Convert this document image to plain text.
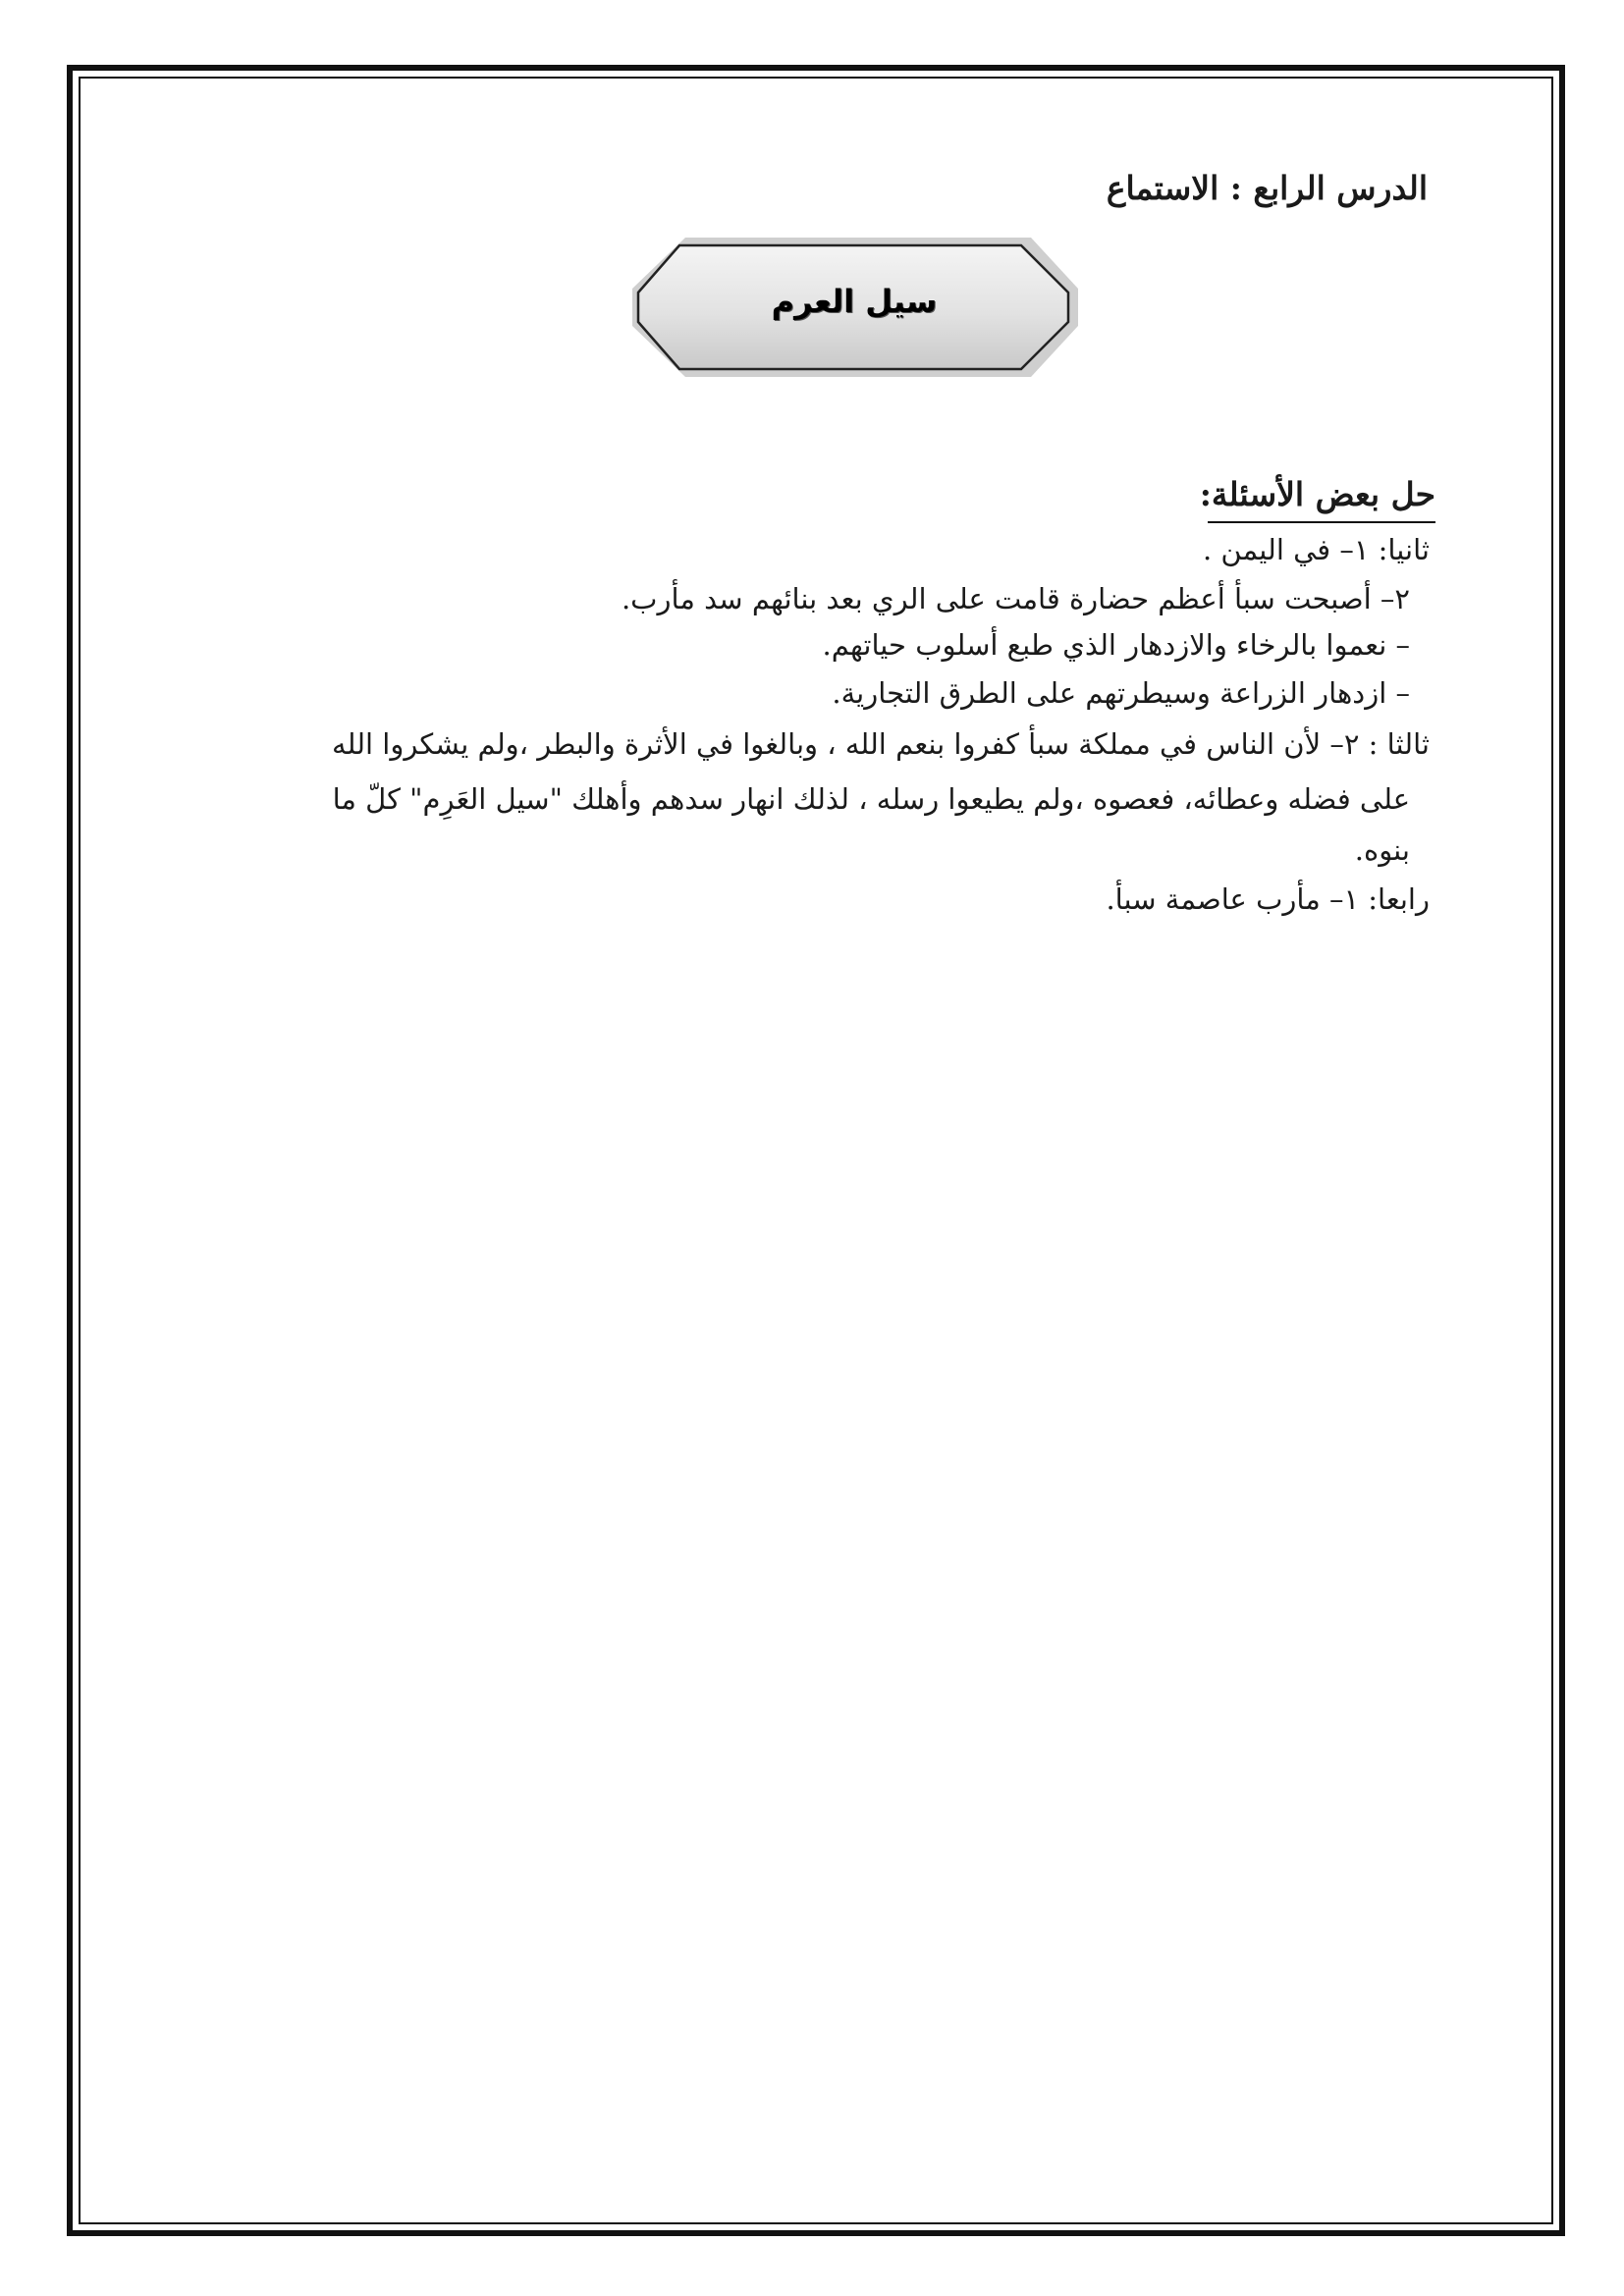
الدرس الرابع : الاستماع
سيل العرم
حل بعض الأسئلة:
ثانيا: ١– في اليمن .
٢– أصبحت سبأ أعظم حضارة قامت على الري بعد بنائهم سد مأرب.
– نعموا بالرخاء والازدهار الذي طبع أسلوب حياتهم.
– ازدهار الزراعة وسيطرتهم على الطرق التجارية.
ثالثا : ٢– لأن الناس في مملكة سبأ كفروا بنعم الله ، وبالغوا في الأثرة والبطر ،ولم يشكروا الله
على فضله وعطائه، فعصوه ،ولم يطيعوا رسله ، لذلك انهار سدهم وأهلك "سيل العَرِم" كلّ ما
بنوه.
رابعا: ١– مأرب عاصمة سبأ.
